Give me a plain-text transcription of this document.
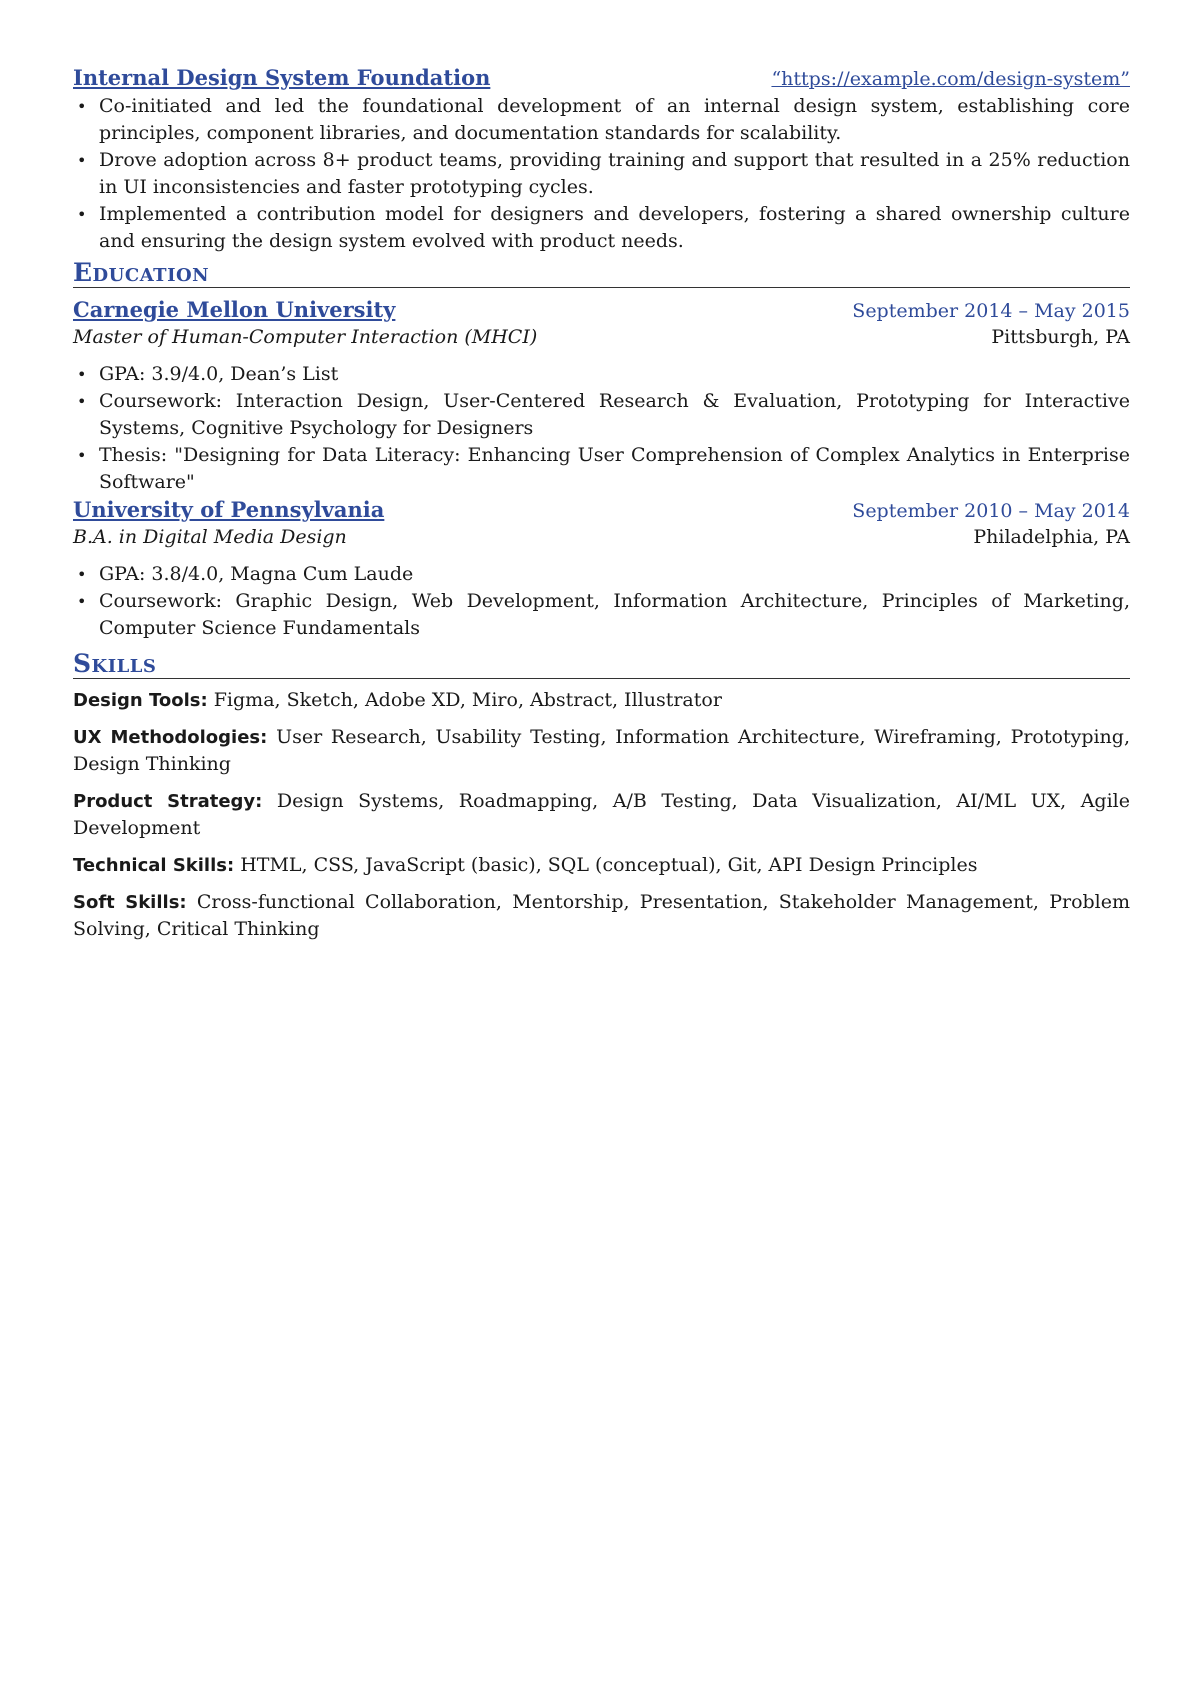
Internal Design System Foundation	“https://example.com/design-system”
• Co-initiated and led the foundational development of an internal design system, establishing core principles, component libraries, and documentation standards for scalability.
• Drove adoption across 8+ product teams, providing training and support that resulted in a 25% reduction in UI inconsistencies and faster prototyping cycles.
• Implemented a contribution model for designers and developers, fostering a shared ownership culture and ensuring the design system evolved with product needs.
Education
Carnegie Mellon University	September 2014 – May 2015
Master of Human-Computer Interaction (MHCI)	Pittsburgh, PA
• GPA: 3.9/4.0, Dean’s List
• Coursework: Interaction Design, User-Centered Research & Evaluation, Prototyping for Interactive Systems, Cognitive Psychology for Designers
• Thesis: "Designing for Data Literacy: Enhancing User Comprehension of Complex Analytics in Enterprise Software"
University of Pennsylvania	September 2010 – May 2014
B.A. in Digital Media Design	Philadelphia, PA
• GPA: 3.8/4.0, Magna Cum Laude
• Coursework: Graphic Design, Web Development, Information Architecture, Principles of Marketing, Computer Science Fundamentals
Skills
Design Tools: Figma, Sketch, Adobe XD, Miro, Abstract, Illustrator
UX Methodologies: User Research, Usability Testing, Information Architecture, Wireframing, Prototyping, Design Thinking
Product Strategy: Design Systems, Roadmapping, A/B Testing, Data Visualization, AI/ML UX, Agile Development
Technical Skills: HTML, CSS, JavaScript (basic), SQL (conceptual), Git, API Design Principles
Soft Skills: Cross-functional Collaboration, Mentorship, Presentation, Stakeholder Management, Problem Solving, Critical Thinking
